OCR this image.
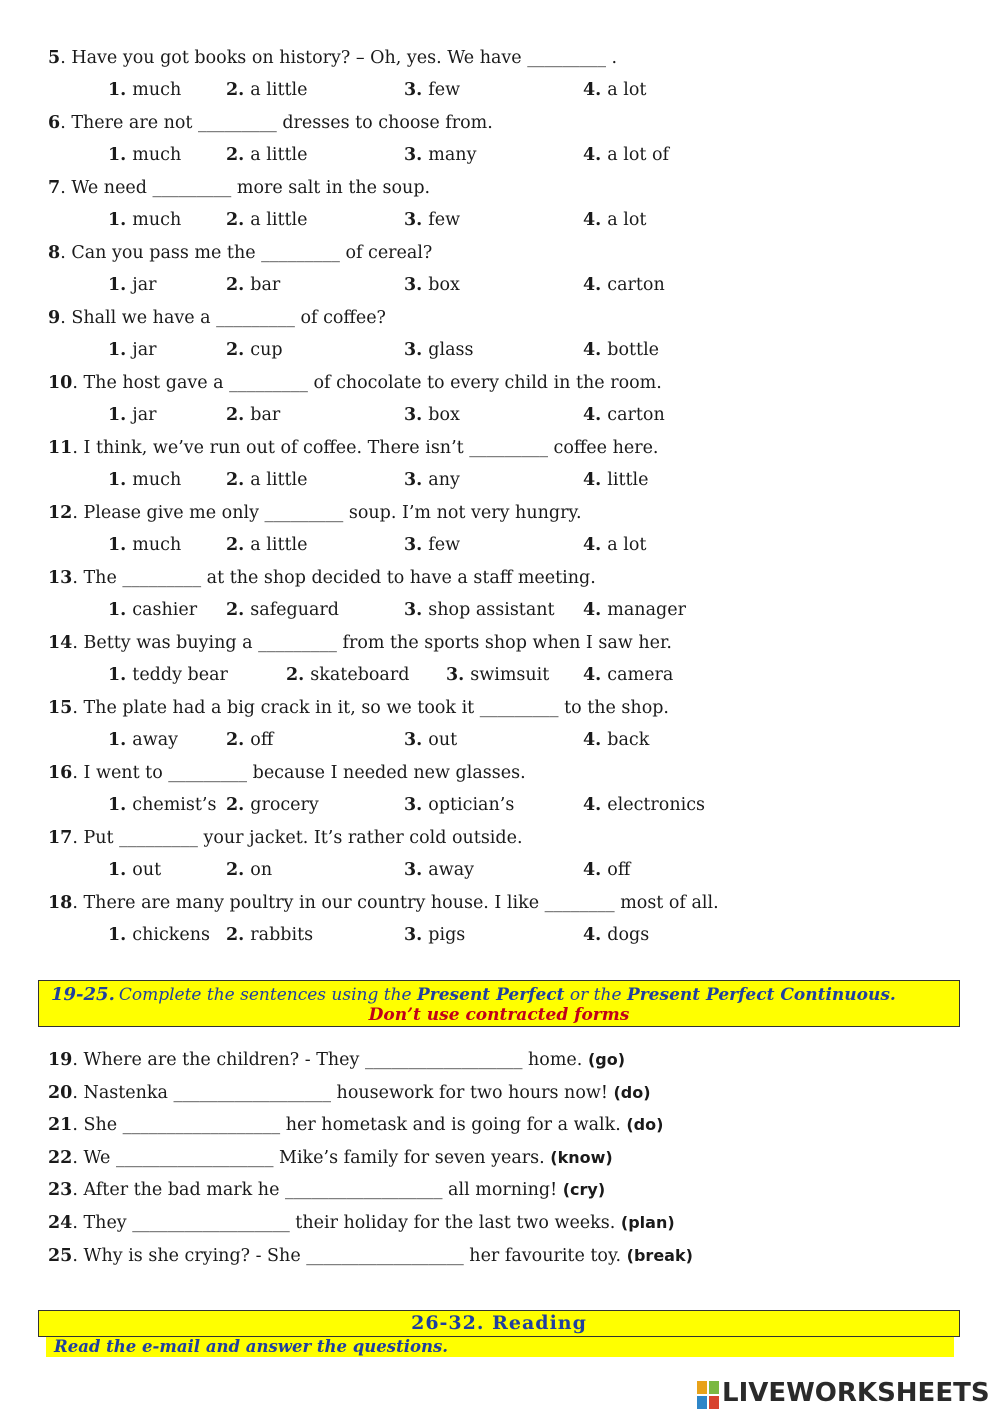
5. Have you got books on history? – Oh, yes. We have _________ .
1. much	2. a little	3. few	4. a lot
6. There are not _________ dresses to choose from.
1. much	2. a little	3. many	4. a lot of
7. We need _________ more salt in the soup.
1. much	2. a little	3. few	4. a lot
8. Can you pass me the _________ of cereal?
1. jar	2. bar	3. box	4. carton
9. Shall we have a _________ of coffee?
1. jar	2. cup	3. glass	4. bottle
10. The host gave a _________ of chocolate to every child in the room.
1. jar	2. bar	3. box	4. carton
11. I think, we’ve run out of coffee. There isn’t _________ coffee here.
1. much	2. a little	3. any	4. little
12. Please give me only _________ soup. I’m not very hungry.
1. much	2. a little	3. few	4. a lot
13. The _________ at the shop decided to have a staff meeting.
1. cashier 2. safeguard	3. shop assistant 4. manager
14. Betty was buying a _________ from the sports shop when I saw her.
1. teddy bear	2. skateboard 3. swimsuit 4. camera
15. The plate had a big crack in it, so we took it _________ to the shop.
1. away	2. off	3. out	4. back
16. I went to _________ because I needed new glasses.
1. chemist’s 2. grocery	3. optician’s	4. electronics
17. Put _________ your jacket. It’s rather cold outside.
1. out	2. on	3. away	4. off
18. There are many poultry in our country house. I like ________ most of all.
1. chickens 2. rabbits	3. pigs	4. dogs
19-25. Complete the sentences using the Present Perfect or the Present Perfect Continuous.
Don’t use contracted forms
19. Where are the children? - They __________________ home. (go)
20. Nastenka __________________ housework for two hours now! (do)
21. She __________________ her hometask and is going for a walk. (do)
22. We __________________ Mike’s family for seven years. (know)
23. After the bad mark he __________________ all morning! (cry)
24. They __________________ their holiday for the last two weeks. (plan)
25. Why is she crying? - She __________________ her favourite toy. (break)
26-32. Reading
Read the e-mail and answer the questions.
LIVEWORKSHEETS
